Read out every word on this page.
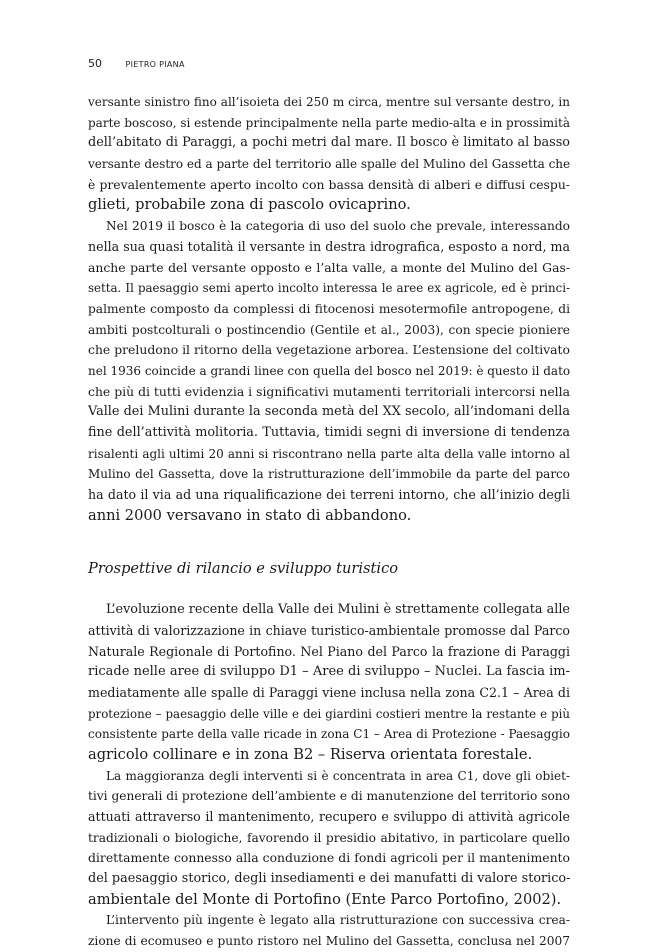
50	PIETRO PIANA
versante sinistro fino all’isoieta dei 250 m circa, mentre sul versante destro, in
parte boscoso, si estende principalmente nella parte medio-alta e in prossimità
dell’abitato di Paraggi, a pochi metri dal mare. Il bosco è limitato al basso
versante destro ed a parte del territorio alle spalle del Mulino del Gassetta che
è prevalentemente aperto incolto con bassa densità di alberi e diffusi cespu-
glieti, probabile zona di pascolo ovicaprino.
Nel 2019 il bosco è la categoria di uso del suolo che prevale, interessando
nella sua quasi totalità il versante in destra idrografica, esposto a nord, ma
anche parte del versante opposto e l’alta valle, a monte del Mulino del Gas-
setta. Il paesaggio semi aperto incolto interessa le aree ex agricole, ed è princi-
palmente composto da complessi di fitocenosi mesotermofile antropogene, di
ambiti postcolturali o postincendio (Gentile et al., 2003), con specie pioniere
che preludono il ritorno della vegetazione arborea. L’estensione del coltivato
nel 1936 coincide a grandi linee con quella del bosco nel 2019: è questo il dato
che più di tutti evidenzia i significativi mutamenti territoriali intercorsi nella
Valle dei Mulini durante la seconda metà del XX secolo, all’indomani della
fine dell’attività molitoria. Tuttavia, timidi segni di inversione di tendenza
risalenti agli ultimi 20 anni si riscontrano nella parte alta della valle intorno al
Mulino del Gassetta, dove la ristrutturazione dell’immobile da parte del parco
ha dato il via ad una riqualificazione dei terreni intorno, che all’inizio degli
anni 2000 versavano in stato di abbandono.
Prospettive di rilancio e sviluppo turistico
L’evoluzione recente della Valle dei Mulini è strettamente collegata alle
attività di valorizzazione in chiave turistico-ambientale promosse dal Parco
Naturale Regionale di Portofino. Nel Piano del Parco la frazione di Paraggi
ricade nelle aree di sviluppo D1 – Aree di sviluppo – Nuclei. La fascia im-
mediatamente alle spalle di Paraggi viene inclusa nella zona C2.1 – Area di
protezione – paesaggio delle ville e dei giardini costieri mentre la restante e più
consistente parte della valle ricade in zona C1 – Area di Protezione - Paesaggio
agricolo collinare e in zona B2 – Riserva orientata forestale.
La maggioranza degli interventi si è concentrata in area C1, dove gli obiet-
tivi generali di protezione dell’ambiente e di manutenzione del territorio sono
attuati attraverso il mantenimento, recupero e sviluppo di attività agricole
tradizionali o biologiche, favorendo il presidio abitativo, in particolare quello
direttamente connesso alla conduzione di fondi agricoli per il mantenimento
del paesaggio storico, degli insediamenti e dei manufatti di valore storico-
ambientale del Monte di Portofino (Ente Parco Portofino, 2002).
L’intervento più ingente è legato alla ristrutturazione con successiva crea-
zione di ecomuseo e punto ristoro nel Mulino del Gassetta, conclusa nel 2007
